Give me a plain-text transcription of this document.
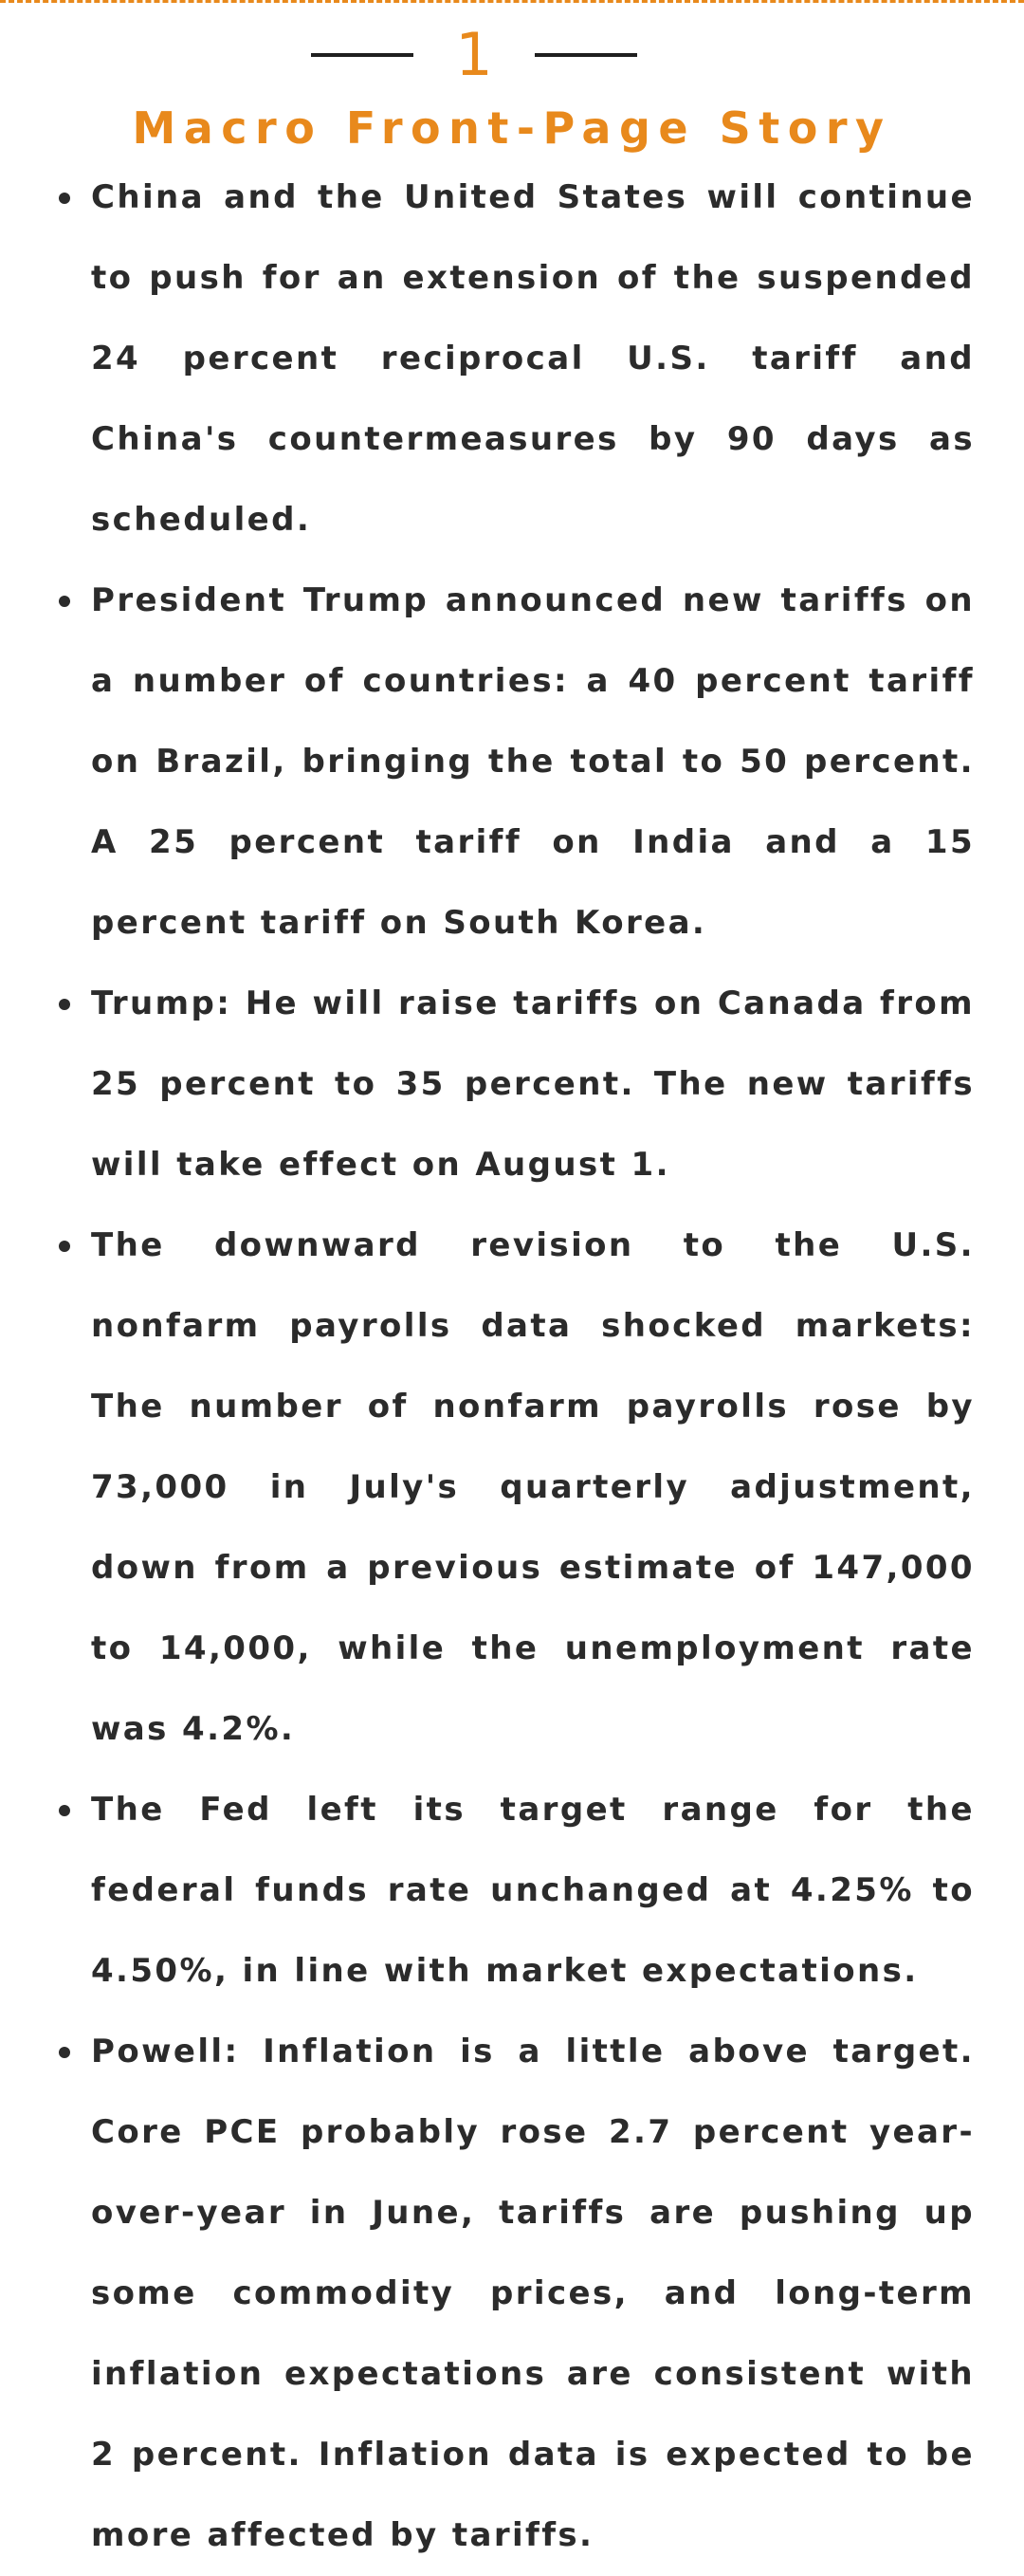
1
Macro Front-Page Story
China and the United States will continue to push for an extension of the suspended 24 percent reciprocal U.S. tariff and China's countermeasures by 90 days as scheduled.
President Trump announced new tariffs on a number of countries: a 40 percent tariff on Brazil, bringing the total to 50 percent. A 25 percent tariff on India and a 15 percent tariff on South Korea.
Trump: He will raise tariffs on Canada from 25 percent to 35 percent. The new tariffs will take effect on August 1.
The downward revision to the U.S. nonfarm payrolls data shocked markets: The number of nonfarm payrolls rose by 73,000 in July's quarterly adjustment, down from a previous estimate of 147,000 to 14,000, while the unemployment rate was 4.2%.
The Fed left its target range for the federal funds rate unchanged at 4.25% to 4.50%, in line with market expectations.
Powell: Inflation is a little above target. Core PCE probably rose 2.7 percent year-over-year in June, tariffs are pushing up some commodity prices, and long-term inflation expectations are consistent with 2 percent. Inflation data is expected to be more affected by tariffs.
